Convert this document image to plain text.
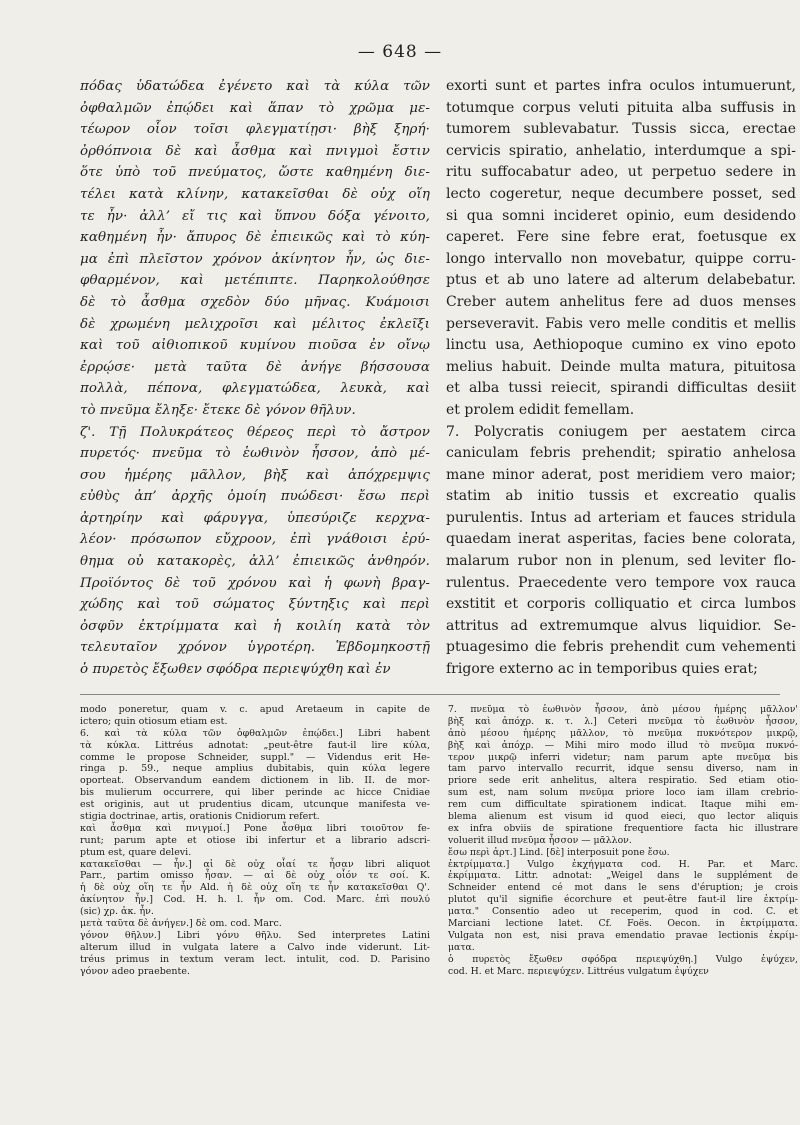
— 648 —
πόδας ὑδατώδεα ἐγένετο καὶ τὰ κύλα τῶν
ὀφθαλμῶν ἐπῴδει καὶ ἅπαν τὸ χρῶμα με-
τέωρον οἷον τοῖσι φλεγματίῃσι· βὴξ ξηρή·
ὀρθόπνοια δὲ καὶ ἆσθμα καὶ πνιγμοὶ ἔστιν
ὅτε ὑπὸ τοῦ πνεύματος, ὥστε καθημένη διε-
τέλει κατὰ κλίνην, κατακεῖσθαι δὲ οὐχ οἵη
τε ἦν· ἀλλ’ εἴ τις καὶ ὕπνου δόξα γένοιτο,
καθημένη ἦν· ἄπυρος δὲ ἐπιεικῶς καὶ τὸ κύη-
μα ἐπὶ πλεῖστον χρόνον ἀκίνητον ἦν, ὡς διε-
φθαρμένον, καὶ μετέπιπτε. Παρηκολούθησε
δὲ τὸ ἆσθμα σχεδὸν δύο μῆνας. Κυάμοισι
δὲ χρωμένη μελιχροῖσι καὶ μέλιτος ἐκλεῖξι
καὶ τοῦ αἰθιοπικοῦ κυμίνου πιοῦσα ἐν οἴνῳ
ἐρρῴσε· μετὰ ταῦτα δὲ ἀνήγε βήσσουσα
πολλὰ, πέπονα, φλεγματώδεα, λευκὰ, καὶ
τὸ πνεῦμα ἔληξε· ἔτεκε δὲ γόνον θῆλυν.
ζ'. Τῇ Πολυκράτεος θέρεος περὶ τὸ ἄστρον
πυρετός· πνεῦμα τὸ ἑωθινὸν ἧσσον, ἀπὸ μέ-
σου ἡμέρης μᾶλλον, βὴξ καὶ ἀπόχρεμψις
εὐθὺς ἀπ’ ἀρχῆς ὁμοίη πυώδεσι· ἔσω περὶ
ἀρτηρίην καὶ φάρυγγα, ὑπεσύριζε κερχνα-
λέον· πρόσωπον εὔχροον, ἐπὶ γνάθοισι ἐρύ-
θημα οὐ κατακορὲς, ἀλλ’ ἐπιεικῶς ἀνθηρόν.
Προϊόντος δὲ τοῦ χρόνου καὶ ἡ φωνὴ βραγ-
χώδης καὶ τοῦ σώματος ξύντηξις καὶ περὶ
ὀσφῦν ἐκτρίμματα καὶ ἡ κοιλίη κατὰ τὸν
τελευταῖον χρόνον ὑγροτέρη. Ἑβδομηκοστῇ
ὁ πυρετὸς ἔξωθεν σφόδρα περιεψύχθη καὶ ἐν
exorti sunt et partes infra oculos intumuerunt,
totumque corpus veluti pituita alba suffusis in
tumorem sublevabatur. Tussis sicca, erectae
cervicis spiratio, anhelatio, interdumque a spi-
ritu suffocabatur adeo, ut perpetuo sedere in
lecto cogeretur, neque decumbere posset, sed
si qua somni incideret opinio, eum desidendo
caperet. Fere sine febre erat, foetusque ex
longo intervallo non movebatur, quippe corru-
ptus et ab uno latere ad alterum delabebatur.
Creber autem anhelitus fere ad duos menses
perseveravit. Fabis vero melle conditis et mellis
linctu usa, Aethiopoque cumino ex vino epoto
melius habuit. Deinde multa matura, pituitosa
et alba tussi reiecit, spirandi difficultas desiit
et prolem edidit femellam.
7. Polycratis coniugem per aestatem circa
caniculam febris prehendit; spiratio anhelosa
mane minor aderat, post meridiem vero maior;
statim ab initio tussis et excreatio qualis
purulentis. Intus ad arteriam et fauces stridula
quaedam inerat asperitas, facies bene colorata,
malarum rubor non in plenum, sed leviter flo-
rulentus. Praecedente vero tempore vox rauca
exstitit et corporis colliquatio et circa lumbos
attritus ad extremumque alvus liquidior. Se-
ptuagesimo die febris prehendit cum vehementi
frigore externo ac in temporibus quies erat;
modo poneretur, quam v. c. apud Aretaeum in capite de
ictero; quin otiosum etiam est.
6. καὶ τὰ κύλα τῶν ὀφθαλμῶν ἐπῴδει.] Libri habent
τὰ κύκλα. Littréus adnotat: „peut-être faut-il lire κύλα,
comme le propose Schneider, suppl." — Videndus erit He-
ringa p. 59., neque amplius dubitabis, quin κύλα legere
oporteat. Observandum eandem dictionem in lib. II. de mor-
bis mulierum occurrere, qui liber perinde ac hicce Cnidiae
est originis, aut ut prudentius dicam, utcunque manifesta ve-
stigia doctrinae, artis, orationis Cnidiorum refert.
καὶ ἆσθμα καὶ πνιγμοί.] Pone ἆσθμα libri τοιοῦτον fe-
runt; parum apte et otiose ibi infertur et a librario adscri-
ptum est, quare delevi.
κατακεῖσθαι — ἦν.] αἱ δὲ οὐχ οἷαί τε ἦσαν libri aliquot
Parr., partim omisso ἦσαν. — αἱ δὲ οὐχ οἷόν τε σοί. K.
ἡ δὲ οὐχ οἵη τε ἦν Ald. ἡ δὲ οὐχ οἵη τε ἦν κατακεῖσθαι Q'.
ἀκίνητον ἦν.] Cod. H. h. l. ἦν om. Cod. Marc. ἐπὶ πουλύ
(sic) χρ. ἀκ. ἦν.
μετὰ ταῦτα δὲ ἀνήγεν.] δὲ om. cod. Marc.
γόνον θῆλυν.] Libri γόνυ θῆλυ. Sed interpretes Latini
alterum illud in vulgata latere a Calvo inde viderunt. Lit-
tréus primus in textum veram lect. intulit, cod. D. Parisino
γόνον adeo praebente.
7. πνεῦμα τὸ ἑωθινὸν ἧσσον, ἀπὸ μέσου ἡμέρης μᾶλλον'
βὴξ καὶ ἀπόχρ. κ. τ. λ.] Ceteri πνεῦμα τὸ ἑωθινὸν ἧσσον,
ἀπὸ μέσου ἡμέρης μᾶλλον, τὸ πνεῦμα πυκνότερον μικρῷ,
βὴξ καὶ ἀπόχρ. — Mihi miro modo illud τὸ πνεῦμα πυκνό-
τερον μικρῷ inferri videtur; nam parum apte πνεῦμα bis
tam parvo intervallo recurrit, idque sensu diverso, nam in
priore sede erit anhelitus, altera respiratio. Sed etiam otio-
sum est, nam solum πνεῦμα priore loco iam illam crebrio-
rem cum difficultate spirationem indicat. Itaque mihi em-
blema alienum est visum id quod eieci, quo lector aliquis
ex infra obviis de spiratione frequentiore facta hic illustrare
voluerit illud πνεῦμα ἧσσον — μᾶλλον.
ἔσω περὶ ἀρτ.] Lind. [δὲ] interposuit pone ἔσω.
ἐκτρίμματα.] Vulgo ἐκχήγματα cod. H. Par. et Marc.
ἐκρίμματα. Littr. adnotat: „Weigel dans le supplément de
Schneider entend cé mot dans le sens d'éruption; je crois
plutot qu'il signifie écorchure et peut-être faut-il lire ἐκτρίμ-
ματα." Consentio adeo ut receperim, quod in cod. C. et
Marciani lectione latet. Cf. Foës. Oecon. in ἐκτρίμματα.
Vulgata non est, nisi prava emendatio pravae lectionis ἐκρίμ-
ματα.
ὁ πυρετὸς ἔξωθεν σφόδρα περιεψύχθη.] Vulgo ἐψύχεν,
cod. H. et Marc. περιεψύχεν. Littréus vulgatum ἐψύχεν
